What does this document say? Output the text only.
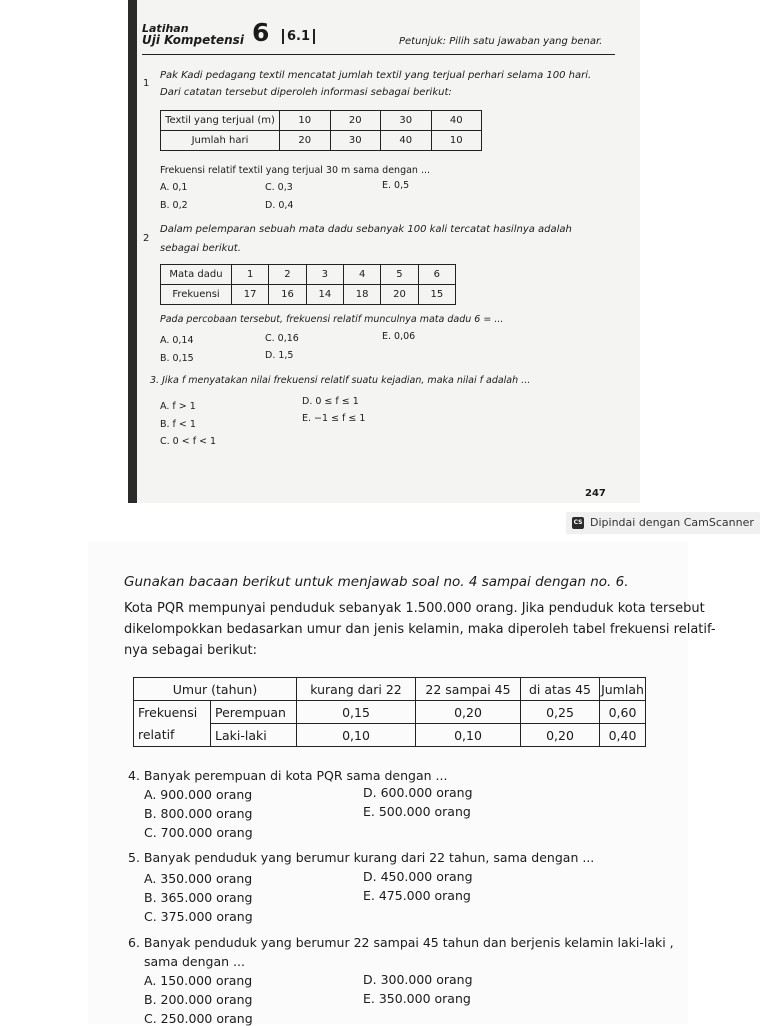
Latihan
Uji Kompetensi 6	6.1	Petunjuk: Pilih satu jawaban yang benar.
1
Pak Kadi pedagang textil mencatat jumlah textil yang terjual perhari selama 100 hari.
Dari catatan tersebut diperoleh informasi sebagai berikut:
Textil yang terjual (m)	10	20	30	40
Jumlah hari	20	30	40	10
Frekuensi relatif textil yang terjual 30 m sama dengan ...
A. 0,1
B. 0,2
C. 0,3
D. 0,4
E. 0,5
2
Dalam pelemparan sebuah mata dadu sebanyak 100 kali tercatat hasilnya adalah
sebagai berikut.
Mata dadu	1	2	3	4	5	6
Frekuensi	17	16	14	18	20	15
Pada percobaan tersebut, frekuensi relatif munculnya mata dadu 6 = ...
A. 0,14
B. 0,15
C. 0,16
D. 1,5
E. 0,06
3. Jika f menyatakan nilai frekuensi relatif suatu kejadian, maka nilai f adalah ...
A. f > 1
B. f < 1
C. 0 < f < 1
D. 0 ≤ f ≤ 1
E. −1 ≤ f ≤ 1
247
CS Dipindai dengan CamScanner
Gunakan bacaan berikut untuk menjawab soal no. 4 sampai dengan no. 6.
Kota PQR mempunyai penduduk sebanyak 1.500.000 orang. Jika penduduk kota tersebut
dikelompokkan bedasarkan umur dan jenis kelamin, maka diperoleh tabel frekuensi relatif-
nya sebagai berikut:
Umur (tahun)		kurang dari 22	22 sampai 45	di atas 45	Jumlah
Frekuensi	Perempuan	0,15	0,20	0,25	0,60
relatif	Laki-laki	0,10	0,10	0,20	0,40
4. Banyak perempuan di kota PQR sama dengan ...
A. 900.000 orang
B. 800.000 orang
C. 700.000 orang
D. 600.000 orang
E. 500.000 orang
5. Banyak penduduk yang berumur kurang dari 22 tahun, sama dengan ...
A. 350.000 orang
B. 365.000 orang
C. 375.000 orang
D. 450.000 orang
E. 475.000 orang
6. Banyak penduduk yang berumur 22 sampai 45 tahun dan berjenis kelamin laki-laki ,
sama dengan ...
A. 150.000 orang
B. 200.000 orang
C. 250.000 orang
D. 300.000 orang
E. 350.000 orang
